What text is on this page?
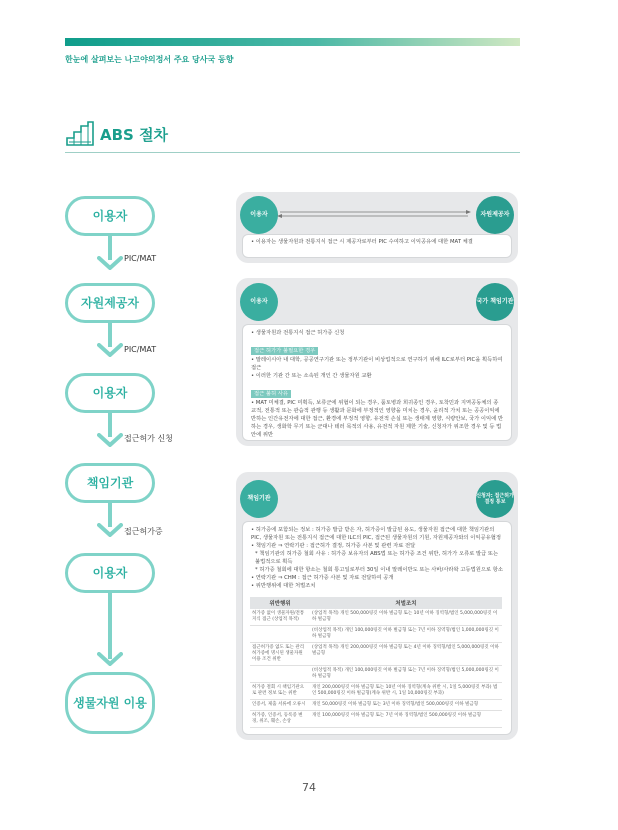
한눈에 살펴보는 나고야의정서 주요 당사국 동향
ABS 절차
이용자
PIC/MAT
자원제공자
PIC/MAT
이용자
접근허가 신청
책임기관
접근허가증
이용자
생물자원 이용
이용자	자원제공자
• 이용자는 생물자원과 전통지식 접근 시 제공자로부터 PIC 수여하고 이익공유에 대한 MAT 체결
이용자	국가 책임기관
• 생물자원과 전통지식 접근 허가증 신청
접근 허가가 불필요한 경우
• 말레이시아 내 대학, 공공연구기관 또는 정부기관이 비상업적으로 연구하기 위해 ILC로부터 PIC을 획득하여 접근
• 이러한 기관 간 또는 소속된 개인 간 생물자원 교환
접근 불허 사유
• MAT 미체결, PIC 미획득, 보류군에 위협이 되는 경우, 품토병과 희귀종인 경우, 토착민과 지역공동체의 종교적, 전통적 또는 관습적 관행 등 생활과 문화에 부정적인 영향을 미치는 경우, 윤리적 가치 또는 공공이익에 반하는 인간유전자에 대한 접근, 환경에 부정적 영향, 유전적 손실 또는 생태계 영향, 식량안보, 국가 이익에 반하는 경우, 생화학 무기 또는 군대나 테러 목적의 사용, 유전적 자원 제한 기술, 신청자가 위조한 경우 및 등 법안에 위반
책임기관	신청자: 접근허가 결정 통보
• 허가증에 포함되는 정보 : 허가증 발급 받은 자, 허가증이 발급된 용도, 생물자원 접근에 대한 책임기관의 PIC, 생물자원 또는 전통지식 접근에 대한 ILC의 PIC, 접근된 생물자원의 기원, 자원제공자와의 이익공유협정
• 책임기관 ⇒ 연락기관 : 접근허가 결정, 허가증 사본 및 관련 자료 전달
* 책임기관의 허가증 철회 사유 : 허가증 보유자의 ABS법 또는 허가증 조건 위반, 허가가 오류로 발급 또는 불법적으로 획득
* 허가증 철회에 대한 항소는 철회 통고일로부터 30일 이내 말레이반도 또는 사바/사라왁 고등법원으로 항소
• 연락기관 ⇒ CHM : 접근 허가증 사본 및 자료 전달하여 공개
• 위반행위에 대한 처벌조치
위반행위	처벌조치
허가증 없이 생물자원/전통지식 접근 (상업적 목적)	(상업적 목적) 개인 500,000링깃 이하 벌금형 또는 10년 이하 징역형/법인 5,000,000링깃 이하 벌금형
	(비상업적 목적) 개인 100,000링깃 이하 벌금형 또는 7년 이하 징역형/법인 1,000,000링깃 이하 벌금형
접근허가증 없도 또는 관리 허가증에 명시된 생물자원 이용 조건 위반	(상업적 목적) 개인 200,000링깃 이하 벌금형 또는 4년 이하 징역형/법인 5,000,000링깃 이하 벌금형
	(비상업적 목적) 개인 100,000링깃 이하 벌금형 또는 7년 이하 징역형/법인 5,000,000링깃 이하 벌금형
허가증 철회 시 책임기관으로 관련 정보 또는 위반	개인 200,000링깃 이하 벌금형 또는 10년 이하 징역형(계속 위반 시, 1일 5,000링깃 부과) 법인 500,000링깃 이하 벌금형(계속 위반 시, 1일 10,000링깃 부과)
인증서, 제출 서류에 오류시	개인 50,000링깃 이하 벌금형 또는 3년 이하 징역형/법인 500,000링깃 이하 벌금형
허가증, 인증서, 등록증 변경, 위조, 훼손, 손상	개인 100,000링깃 이하 벌금형 또는 7년 이하 징역형/법인 500,000링깃 이하 벌금형
74
